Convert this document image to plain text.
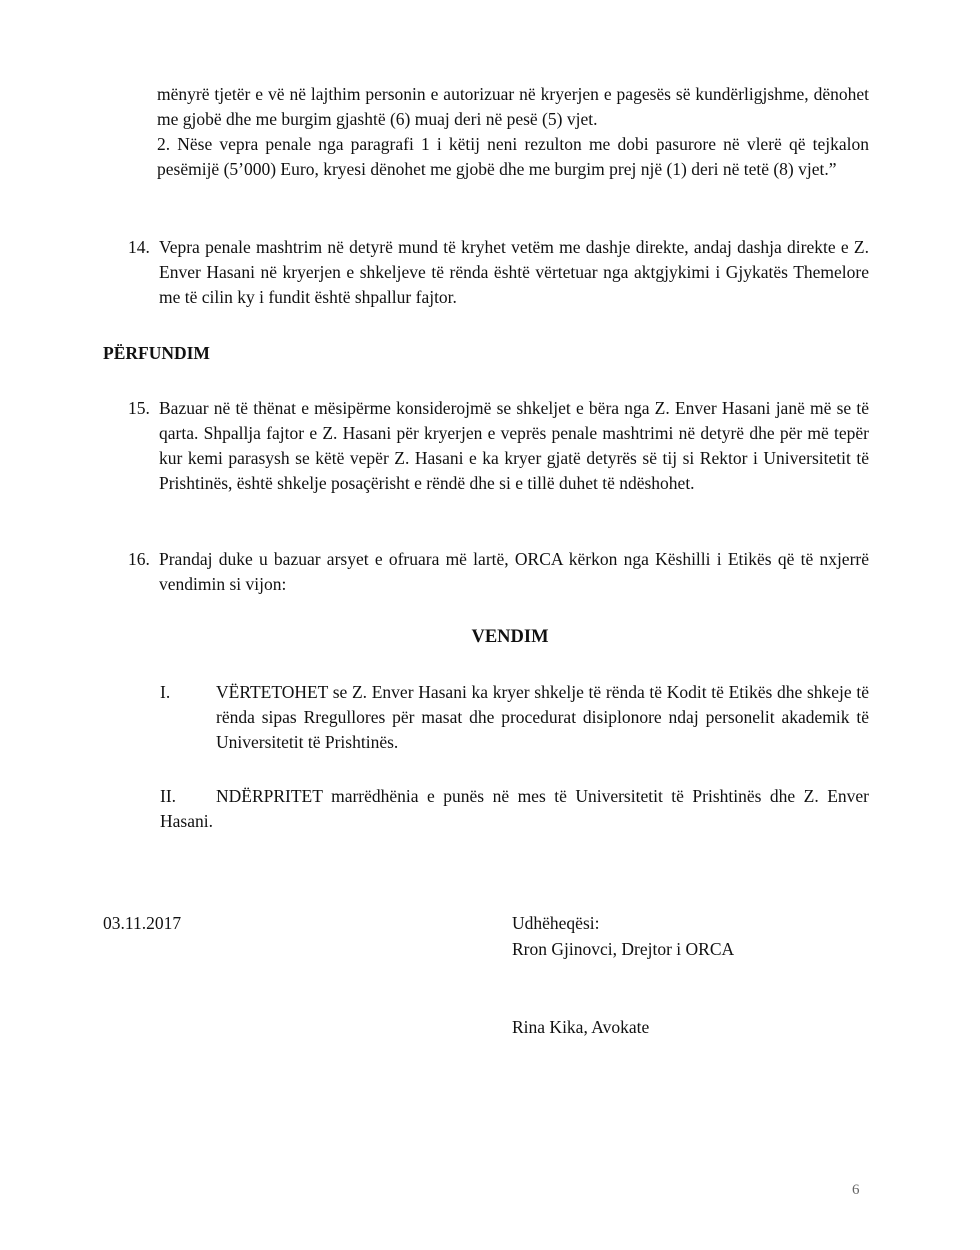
mënyrë tjetër e vë në lajthim personin e autorizuar në kryerjen e pagesës së kundërligjshme, dënohet me gjobë dhe me burgim gjashtë (6) muaj deri në pesë (5) vjet.

2. Nëse vepra penale nga paragrafi 1 i këtij neni rezulton me dobi pasurore në vlerë që tejkalon pesëmijë (5’000) Euro, kryesi dënohet me gjobë dhe me burgim prej një (1) deri në tetë (8) vjet.”

14. Vepra penale mashtrim në detyrë mund të kryhet vetëm me dashje direkte, andaj dashja direkte e Z. Enver Hasani në kryerjen e shkeljeve të rënda është vërtetuar nga aktgjykimi i Gjykatës Themelore me të cilin ky i fundit është shpallur fajtor.
PËRFUNDIM
15. Bazuar në të thënat e mësipërme konsiderojmë se shkeljet e bëra nga Z. Enver Hasani janë më se të qarta. Shpallja fajtor e Z. Hasani për kryerjen e veprës penale mashtrimi në detyrë dhe për më tepër kur kemi parasysh se këtë vepër Z. Hasani e ka kryer gjatë detyrës së tij si Rektor i Universitetit të Prishtinës, është shkelje posaçërisht e rëndë dhe si e tillë duhet të ndëshohet.
16. Prandaj duke u bazuar arsyet e ofruara më lartë, ORCA kërkon nga Këshilli i Etikës që të nxjerrë vendimin si vijon:
VENDIM
I.	VËRTETOHET se Z. Enver Hasani ka kryer shkelje të rënda të Kodit të Etikës dhe shkeje të rënda sipas Rregullores për masat dhe procedurat disiplonore ndaj personelit akademik të Universitetit të Prishtinës.
II. NDËRPRITET marrëdhënia e punës në mes të Universitetit të Prishtinës dhe Z. Enver Hasani.
03.11.2017	Udhëheqësi:
Rron Gjinovci, Drejtor i ORCA
Rina Kika, Avokate
6
